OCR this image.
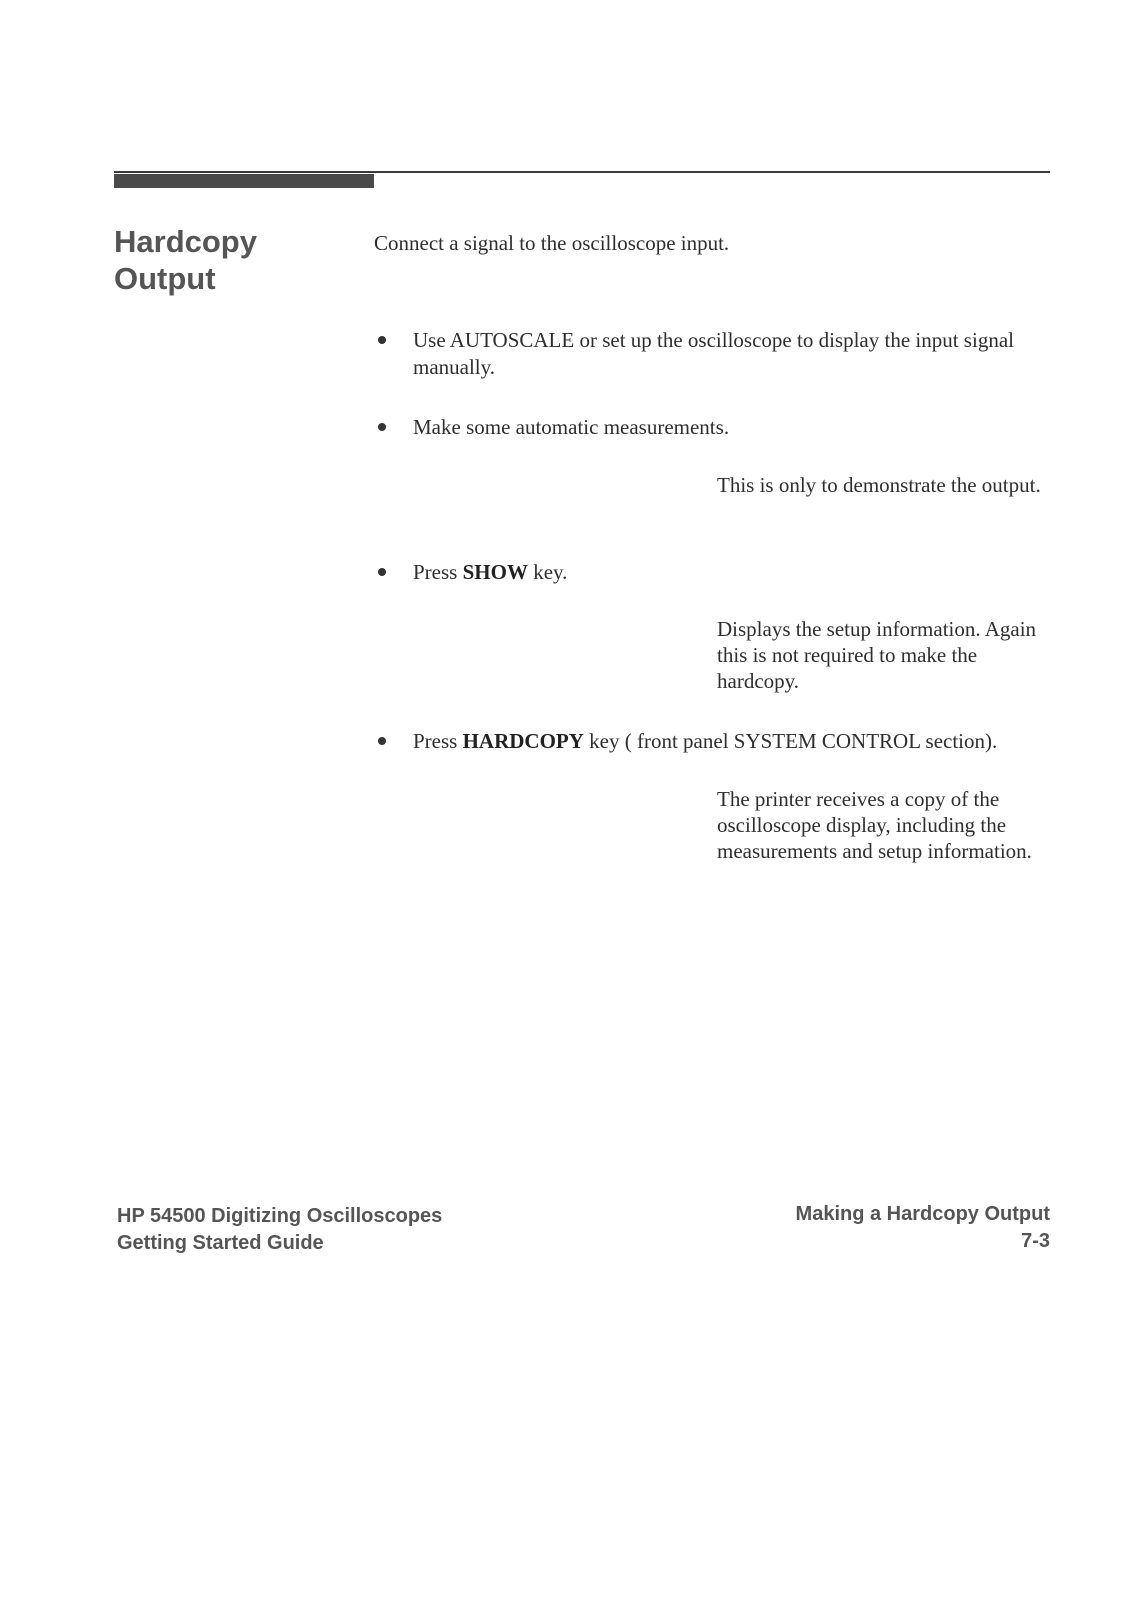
Hardcopy
Output

Connect a signal to the oscilloscope input.

Use AUTOSCALE or set up the oscilloscope to display the input signal manually.
Make some automatic measurements.

This is only to demonstrate the output.

Press SHOW key.

Displays the setup information. Again this is not required to make the hardcopy.

Press HARDCOPY key ( front panel SYSTEM CONTROL section).

The printer receives a copy of the oscilloscope display, including the measurements and setup information.

HP 54500 Digitizing Oscilloscopes
Getting Started Guide
Making a Hardcopy Output
7-3
